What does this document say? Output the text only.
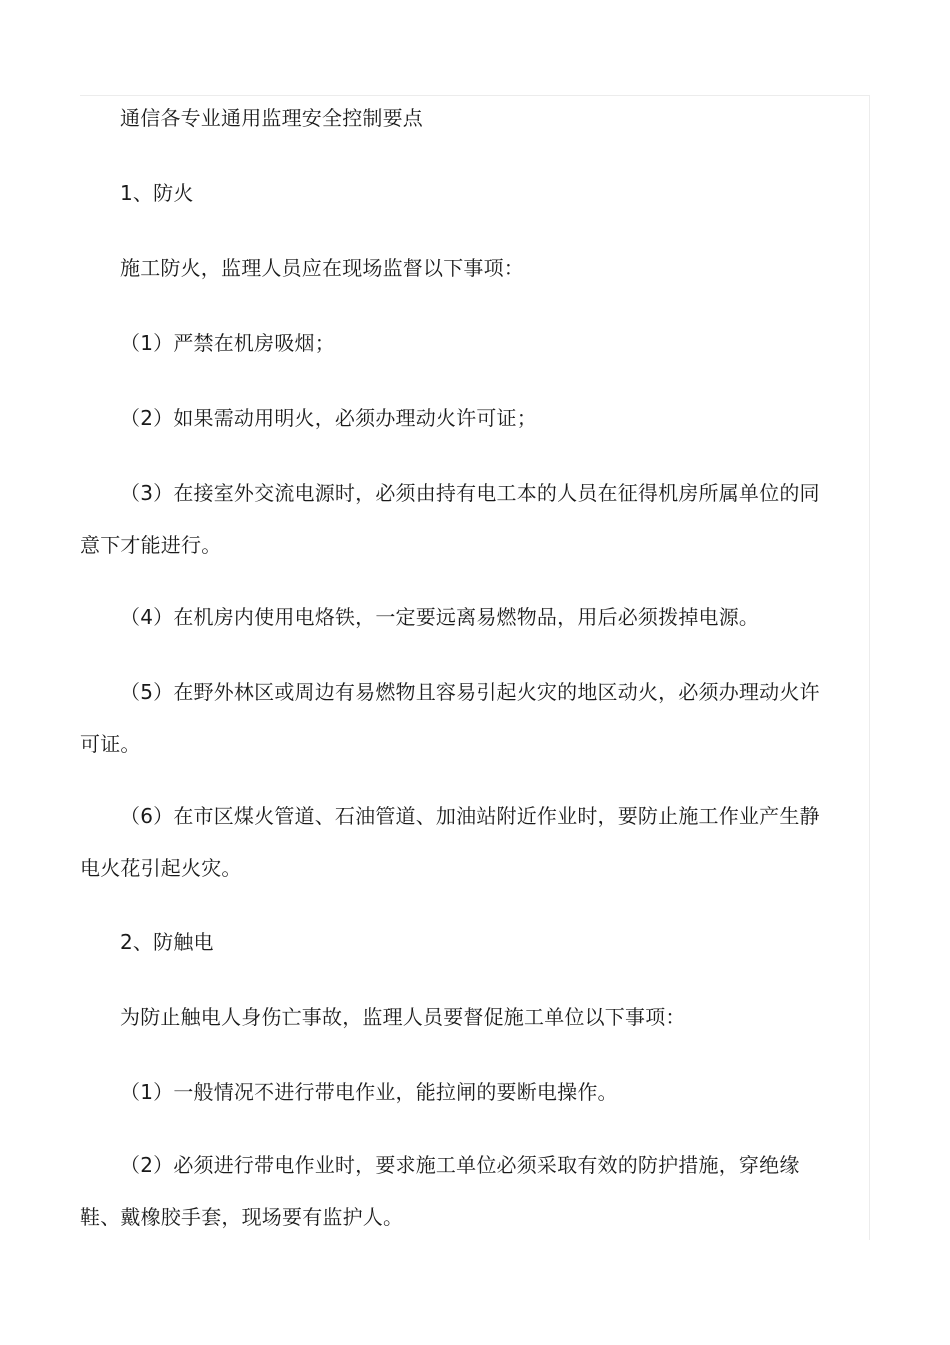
通信各专业通用监理安全控制要点

1、防火

施工防火，监理人员应在现场监督以下事项：

（1）严禁在机房吸烟；

（2）如果需动用明火，必须办理动火许可证；

（3）在接室外交流电源时，必须由持有电工本的人员在征得机房所属单位的同意下才能进行。

（4）在机房内使用电烙铁，一定要远离易燃物品，用后必须拨掉电源。

（5）在野外林区或周边有易燃物且容易引起火灾的地区动火，必须办理动火许可证。

（6）在市区煤火管道、石油管道、加油站附近作业时，要防止施工作业产生静电火花引起火灾。

2、防触电

为防止触电人身伤亡事故，监理人员要督促施工单位以下事项：

（1）一般情况不进行带电作业，能拉闸的要断电操作。

（2）必须进行带电作业时，要求施工单位必须采取有效的防护措施，穿绝缘鞋、戴橡胶手套，现场要有监护人。
